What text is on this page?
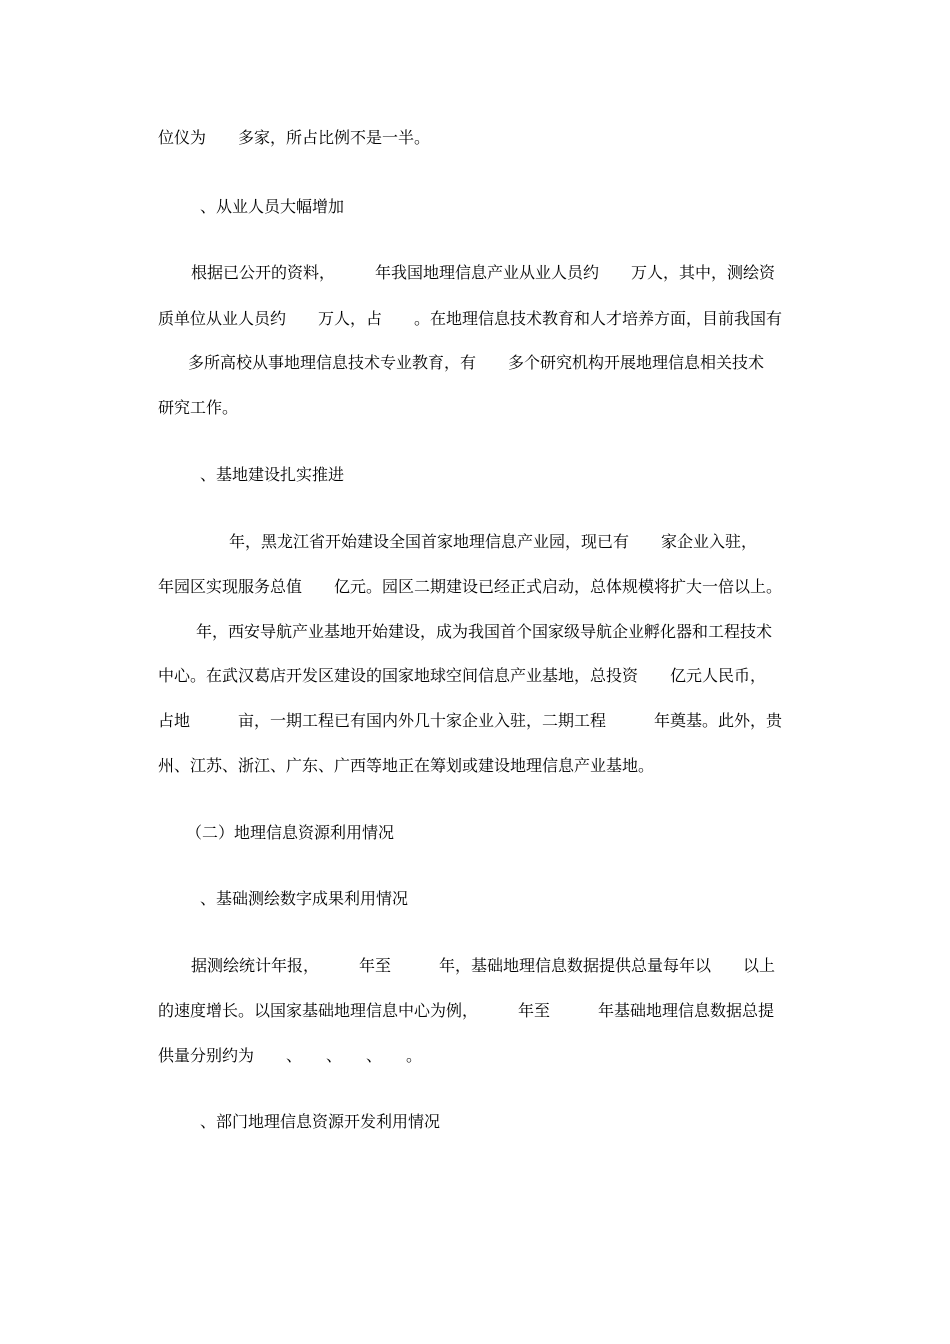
位仪为　　多家，所占比例不是一半。

、从业人员大幅增加

根据已公开的资料，　　　年我国地理信息产业从业人员约　　万人，其中，测绘资

质单位从业人员约　　万人，占　　。在地理信息技术教育和人才培养方面，目前我国有

多所高校从事地理信息技术专业教育，有　　多个研究机构开展地理信息相关技术

研究工作。

、基地建设扎实推进

年，黑龙江省开始建设全国首家地理信息产业园，现已有　　家企业入驻，

年园区实现服务总值　　亿元。园区二期建设已经正式启动，总体规模将扩大一倍以上。

年，西安导航产业基地开始建设，成为我国首个国家级导航企业孵化器和工程技术

中心。在武汉葛店开发区建设的国家地球空间信息产业基地，总投资　　亿元人民币，

占地　　　亩，一期工程已有国内外几十家企业入驻，二期工程　　　年奠基。此外，贵

州、江苏、浙江、广东、广西等地正在筹划或建设地理信息产业基地。

（二）地理信息资源利用情况

、基础测绘数字成果利用情况

据测绘统计年报，　　　年至　　　年，基础地理信息数据提供总量每年以　　以上

的速度增长。以国家基础地理信息中心为例，　　　年至　　　年基础地理信息数据总提

供量分别约为　　、　　、　　、　　。

、部门地理信息资源开发利用情况
